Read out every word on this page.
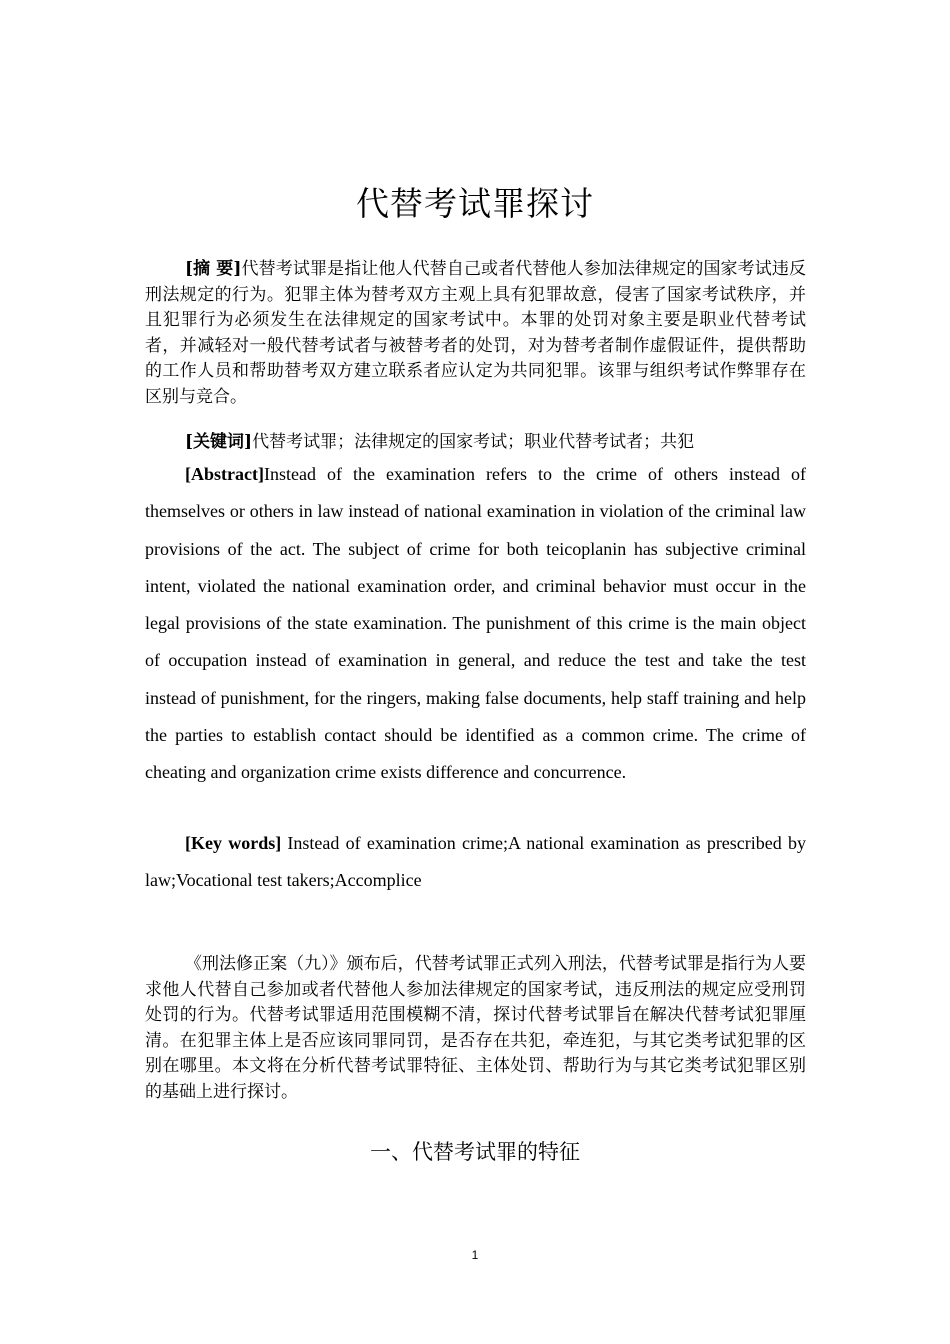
代替考试罪探讨

[摘 要]代替考试罪是指让他人代替自己或者代替他人参加法律规定的国家考试违反刑法规定的行为。犯罪主体为替考双方主观上具有犯罪故意，侵害了国家考试秩序，并且犯罪行为必须发生在法律规定的国家考试中。本罪的处罚对象主要是职业代替考试者，并减轻对一般代替考试者与被替考者的处罚，对为替考者制作虚假证件，提供帮助的工作人员和帮助替考双方建立联系者应认定为共同犯罪。该罪与组织考试作弊罪存在区别与竞合。

[关键词]代替考试罪；法律规定的国家考试；职业代替考试者；共犯

[Abstract]Instead of the examination refers to the crime of others instead of themselves or others in law instead of national examination in violation of the criminal law provisions of the act. The subject of crime for both teicoplanin has subjective criminal intent, violated the national examination order, and criminal behavior must occur in the legal provisions of the state examination. The punishment of this crime is the main object of occupation instead of examination in general, and reduce the test and take the test instead of punishment, for the ringers, making false documents, help staff training and help the parties to establish contact should be identified as a common crime. The crime of cheating and organization crime exists difference and concurrence.

[Key words] Instead of examination crime;A national examination as prescribed by law;Vocational test takers;Accomplice

《刑法修正案（九）》颁布后，代替考试罪正式列入刑法，代替考试罪是指行为人要求他人代替自己参加或者代替他人参加法律规定的国家考试，违反刑法的规定应受刑罚处罚的行为。代替考试罪适用范围模糊不清，探讨代替考试罪旨在解决代替考试犯罪厘清。在犯罪主体上是否应该同罪同罚，是否存在共犯，牵连犯，与其它类考试犯罪的区别在哪里。本文将在分析代替考试罪特征、主体处罚、帮助行为与其它类考试犯罪区别的基础上进行探讨。

一、代替考试罪的特征
1
